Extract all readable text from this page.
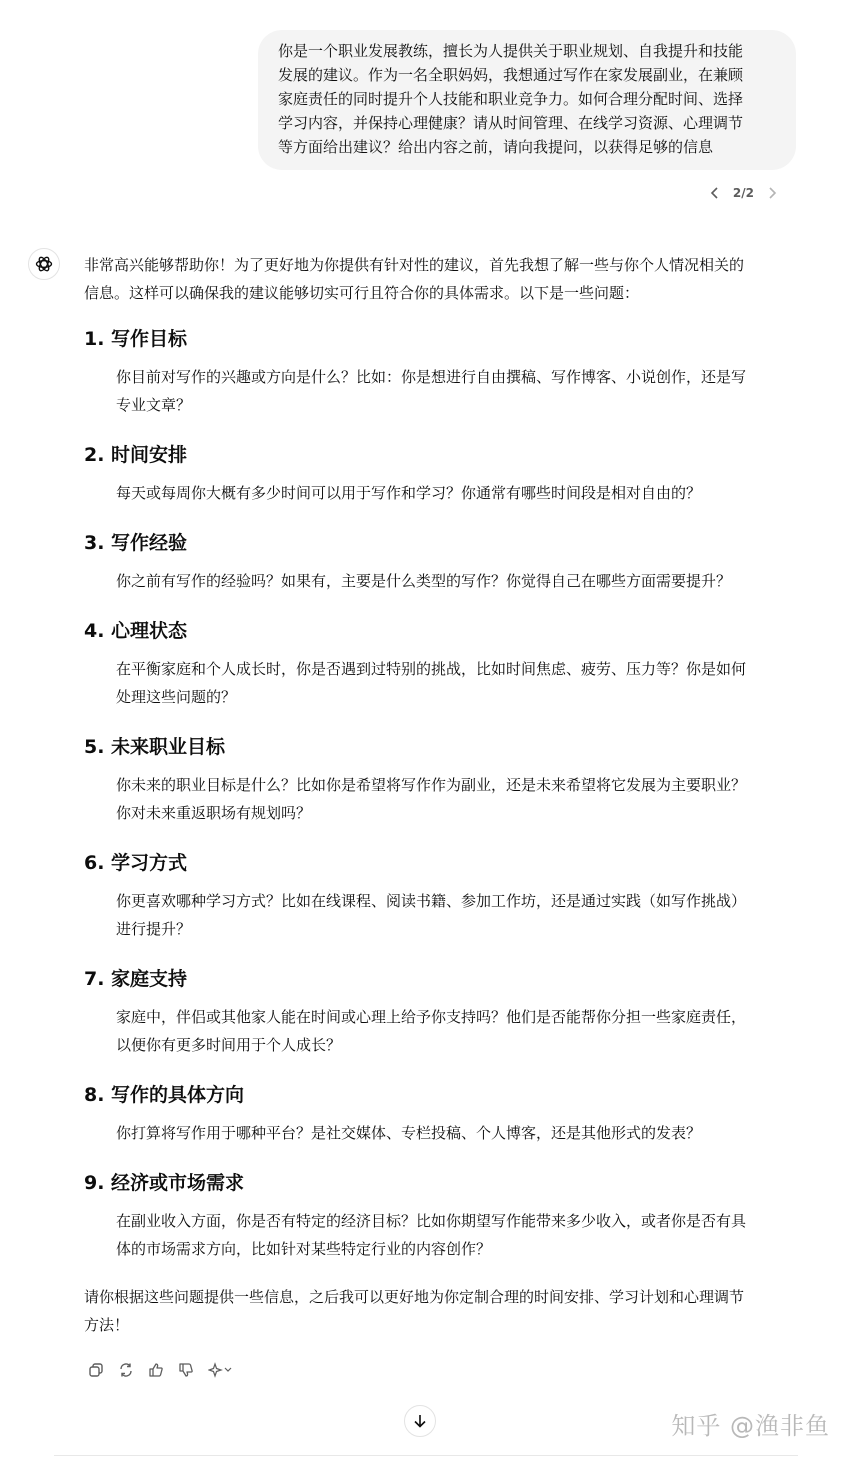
你是一个职业发展教练，擅长为人提供关于职业规划、自我提升和技能

发展的建议。作为一名全职妈妈，我想通过写作在家发展副业，在兼顾

家庭责任的同时提升个人技能和职业竞争力。如何合理分配时间、选择

学习内容，并保持心理健康？请从时间管理、在线学习资源、心理调节

等方面给出建议？给出内容之前，请向我提问，以获得足够的信息

2/2

非常高兴能够帮助你！为了更好地为你提供有针对性的建议，首先我想了解一些与你个人情况相关的

信息。这样可以确保我的建议能够切实可行且符合你的具体需求。以下是一些问题：

1. 写作目标
你目前对写作的兴趣或方向是什么？比如：你是想进行自由撰稿、写作博客、小说创作，还是写
专业文章？
2. 时间安排
每天或每周你大概有多少时间可以用于写作和学习？你通常有哪些时间段是相对自由的？
3. 写作经验
你之前有写作的经验吗？如果有，主要是什么类型的写作？你觉得自己在哪些方面需要提升？
4. 心理状态
在平衡家庭和个人成长时，你是否遇到过特别的挑战，比如时间焦虑、疲劳、压力等？你是如何
处理这些问题的？
5. 未来职业目标
你未来的职业目标是什么？比如你是希望将写作作为副业，还是未来希望将它发展为主要职业？
你对未来重返职场有规划吗？
6. 学习方式
你更喜欢哪种学习方式？比如在线课程、阅读书籍、参加工作坊，还是通过实践（如写作挑战）
进行提升？
7. 家庭支持
家庭中，伴侣或其他家人能在时间或心理上给予你支持吗？他们是否能帮你分担一些家庭责任，
以便你有更多时间用于个人成长？
8. 写作的具体方向
你打算将写作用于哪种平台？是社交媒体、专栏投稿、个人博客，还是其他形式的发表？
9. 经济或市场需求
在副业收入方面，你是否有特定的经济目标？比如你期望写作能带来多少收入，或者你是否有具
体的市场需求方向，比如针对某些特定行业的内容创作？
请你根据这些问题提供一些信息，之后我可以更好地为你定制合理的时间安排、学习计划和心理调节
方法！
知乎 @渔非鱼
